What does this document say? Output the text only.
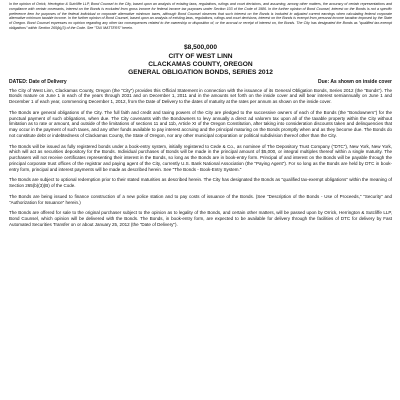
In the opinion of Orrick, Herrington & Sutcliffe LLP, Bond Counsel to the City, based upon an analysis of existing laws, regulations, rulings and court decisions, and assuming, among other matters, the accuracy of certain representations and compliance with certain covenants, interest on the Bonds is excluded from gross income for federal income tax purposes under Section 103 of the Code of 1986. In the further opinion of Bond Counsel, interest on the Bonds is not a specific preference item for purposes of the federal individual or corporate alternative minimum taxes, although Bond Counsel observes that such interest on the Bonds is included in adjusted current earnings when calculating federal corporate alternative minimum taxable income. In the further opinion of Bond Counsel, based upon an analysis of existing laws, regulations, rulings and court decisions, interest on the Bonds is exempt from personal income taxation imposed by the State of Oregon. Bond Counsel expresses no opinion regarding any other tax consequences related to the ownership or disposition of, or the accrual or receipt of interest on, the Bonds. The City has designated the Bonds as "qualified tax-exempt obligations" within Section 265(b)(3) of the Code. See "TAX MATTERS" herein.

$8,500,000

CITY OF WEST LINN

CLACKAMAS COUNTY, OREGON

GENERAL OBLIGATION BONDS, SERIES 2012

DATED: Date of Delivery	Due: As shown on inside cover

The City of West Linn, Clackamas County, Oregon (the "City") provides this Official Statement in connection with the issuance of its General Obligation Bonds, Series 2012 (the "Bonds"). The Bonds mature on June 1 in each of the years through 2031 and on December 1, 2011 and in the amounts set forth on the inside cover and will bear interest semiannually on June 1 and December 1 of each year, commencing December 1, 2012, from the Date of Delivery to the dates of maturity at the rates per annum as shown on the inside cover.

The Bonds are general obligations of the City. The full faith and credit and taxing powers of the City are pledged to the successive owners of each of the Bonds (the "Bondowners") for the punctual payment of such obligations, when due. The City covenants with the Bondowners to levy annually a direct ad valorem tax upon all of the taxable property within the City without limitation as to rate or amount, and outside of the limitations of sections 11 and 11b, Article XI of the Oregon Constitution, after taking into consideration discounts taken and delinquencies that may occur in the payment of such taxes, and any other funds available to pay interest accruing and the principal maturing on the Bonds promptly when and as they become due. The Bonds do not constitute debt or indebtedness of Clackamas County, the State of Oregon, nor any other municipal corporation or political subdivision thereof other than the City.

The Bonds will be issued as fully registered bonds under a book-entry system, initially registered to Cede & Co., as nominee of The Depository Trust Company ("DTC"), New York, New York, which will act as securities depository for the Bonds. Individual purchases of Bonds will be made in the principal amount of $5,000, or integral multiples thereof within a single maturity. The purchasers will not receive certificates representing their interest in the Bonds, so long as the Bonds are in book-entry form. Principal of and interest on the Bonds will be payable through the principal corporate trust offices of the registrar and paying agent of the City, currently U.S. Bank National Association (the "Paying Agent"). For so long as the Bonds are held by DTC in book-entry form, principal and interest payments will be made as described herein. See "The Bonds - Book-Entry System."

The Bonds are subject to optional redemption prior to their stated maturities as described herein. The City has designated the Bonds as "qualified tax-exempt obligations" within the meaning of Section 265(b)(3)(B) of the Code.

The Bonds are being issued to finance construction of a new police station and to pay costs of issuance of the Bonds. (See "Description of the Bonds - Use of Proceeds," "Security" and "Authorization for Issuance" herein.)

The Bonds are offered for sale to the original purchaser subject to the opinion as to legality of the Bonds, and certain other matters, will be passed upon by Orrick, Herrington & Sutcliffe LLP, Bond Counsel, which opinion will be delivered with the Bonds. The Bonds, in book-entry form, are expected to be available for delivery through the facilities of DTC for delivery by Fast Automated Securities Transfer on or about January 25, 2012 (the "Date of Delivery").
